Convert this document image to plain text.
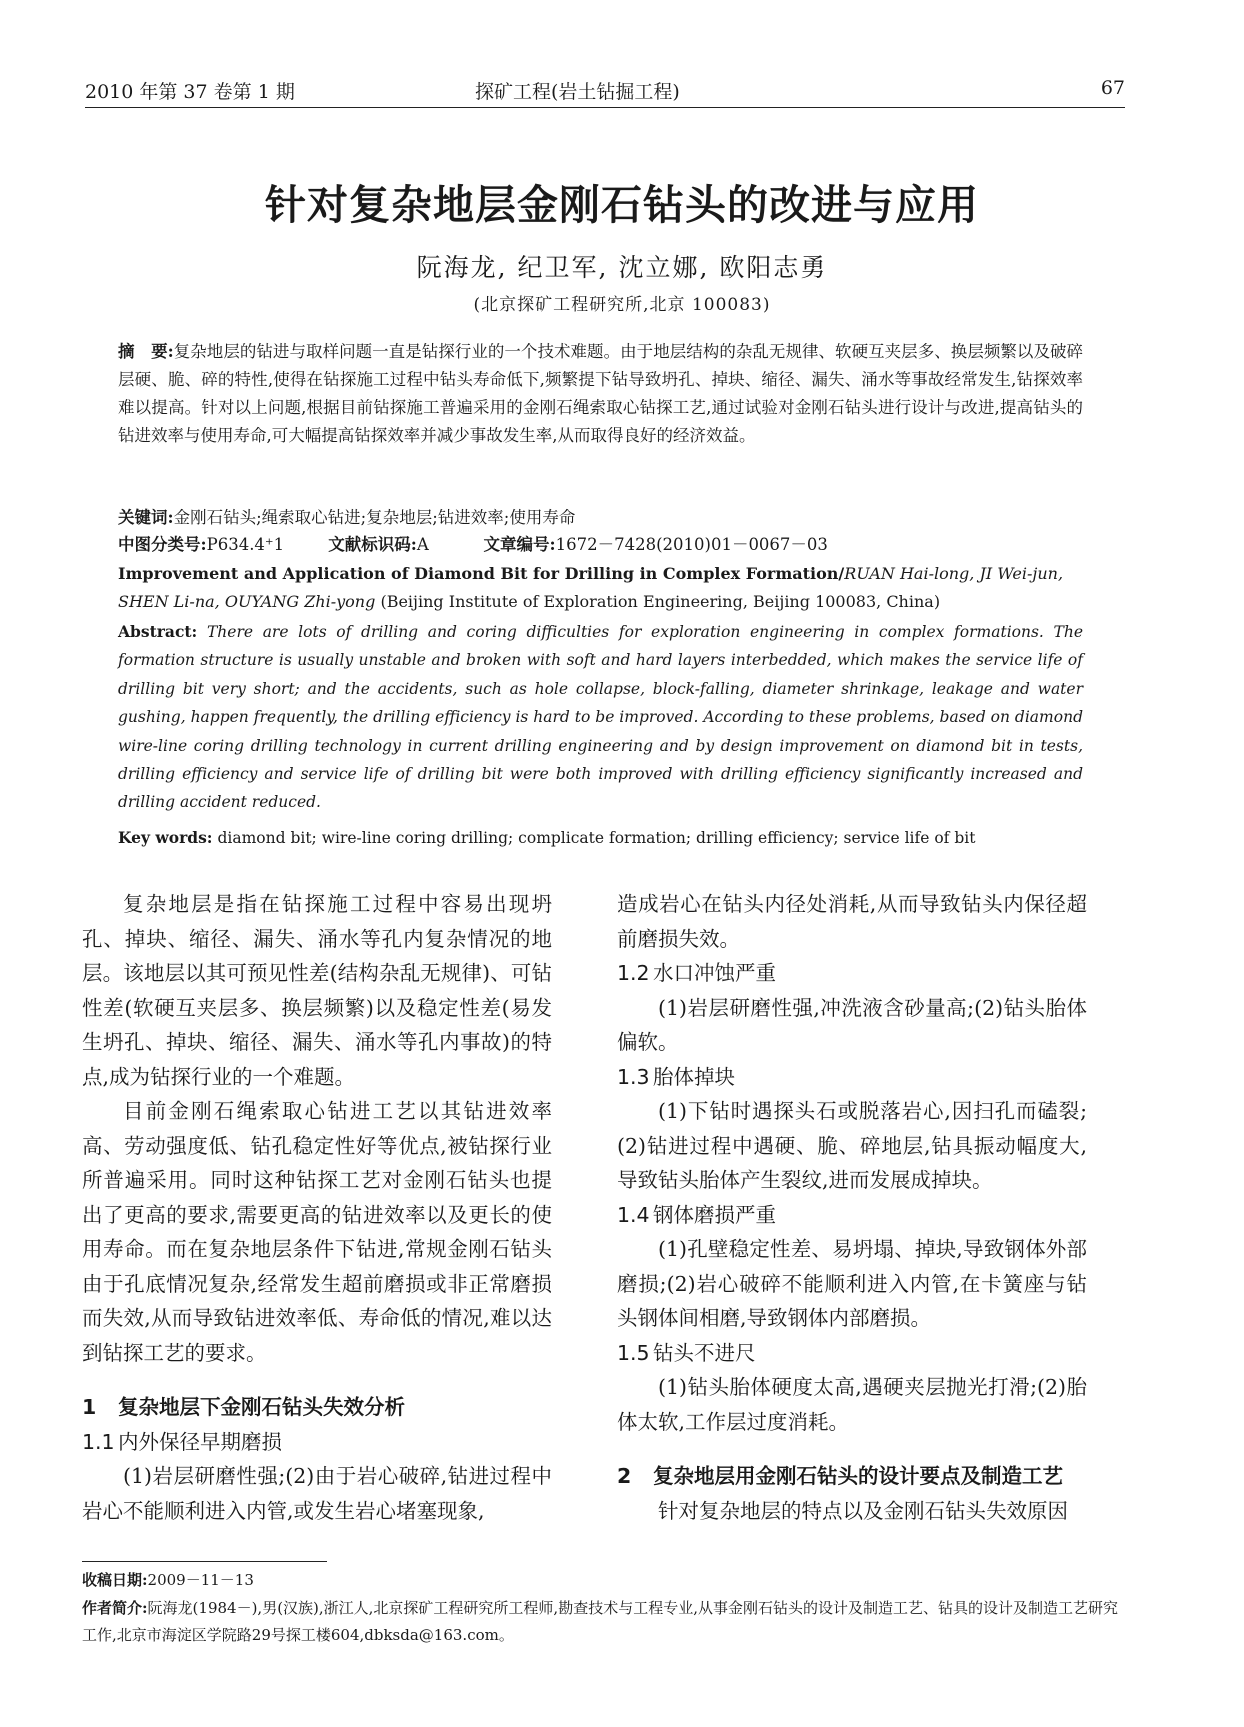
2010 年第 37 卷第 1 期	探矿工程(岩土钻掘工程)	67
针对复杂地层金刚石钻头的改进与应用
阮海龙, 纪卫军, 沈立娜, 欧阳志勇
(北京探矿工程研究所,北京 100083)
摘　要:复杂地层的钻进与取样问题一直是钻探行业的一个技术难题。由于地层结构的杂乱无规律、软硬互夹层多、换层频繁以及破碎层硬、脆、碎的特性,使得在钻探施工过程中钻头寿命低下,频繁提下钻导致坍孔、掉块、缩径、漏失、涌水等事故经常发生,钻探效率难以提高。针对以上问题,根据目前钻探施工普遍采用的金刚石绳索取心钻探工艺,通过试验对金刚石钻头进行设计与改进,提高钻头的钻进效率与使用寿命,可大幅提高钻探效率并减少事故发生率,从而取得良好的经济效益。
关键词:金刚石钻头;绳索取心钻进;复杂地层;钻进效率;使用寿命
中图分类号:P634.4⁺1	文献标识码:A	文章编号:1672－7428(2010)01－0067－03
Improvement and Application of Diamond Bit for Drilling in Complex Formation/RUAN Hai-long, JI Wei-jun,
SHEN Li-na, OUYANG Zhi-yong (Beijing Institute of Exploration Engineering, Beijing 100083, China)
Abstract: There are lots of drilling and coring difficulties for exploration engineering in complex formations. The formation structure is usually unstable and broken with soft and hard layers interbedded, which makes the service life of drilling bit very short; and the accidents, such as hole collapse, block-falling, diameter shrinkage, leakage and water gushing, happen frequently, the drilling efficiency is hard to be improved. According to these problems, based on diamond wire-line coring drilling technology in current drilling engineering and by design improvement on diamond bit in tests, drilling efficiency and service life of drilling bit were both improved with drilling efficiency significantly increased and drilling accident reduced.
Key words: diamond bit; wire-line coring drilling; complicate formation; drilling efficiency; service life of bit

复杂地层是指在钻探施工过程中容易出现坍孔、掉块、缩径、漏失、涌水等孔内复杂情况的地层。该地层以其可预见性差(结构杂乱无规律)、可钻性差(软硬互夹层多、换层频繁)以及稳定性差(易发生坍孔、掉块、缩径、漏失、涌水等孔内事故)的特点,成为钻探行业的一个难题。

目前金刚石绳索取心钻进工艺以其钻进效率高、劳动强度低、钻孔稳定性好等优点,被钻探行业所普遍采用。同时这种钻探工艺对金刚石钻头也提出了更高的要求,需要更高的钻进效率以及更长的使用寿命。而在复杂地层条件下钻进,常规金刚石钻头由于孔底情况复杂,经常发生超前磨损或非正常磨损而失效,从而导致钻进效率低、寿命低的情况,难以达到钻探工艺的要求。

1 复杂地层下金刚石钻头失效分析

1.1 内外保径早期磨损

(1)岩层研磨性强;(2)由于岩心破碎,钻进过程中岩心不能顺利进入内管,或发生岩心堵塞现象,

造成岩心在钻头内径处消耗,从而导致钻头内保径超前磨损失效。

1.2 水口冲蚀严重

(1)岩层研磨性强,冲洗液含砂量高;(2)钻头胎体偏软。

1.3 胎体掉块

(1)下钻时遇探头石或脱落岩心,因扫孔而磕裂;(2)钻进过程中遇硬、脆、碎地层,钻具振动幅度大,导致钻头胎体产生裂纹,进而发展成掉块。

1.4 钢体磨损严重

(1)孔壁稳定性差、易坍塌、掉块,导致钢体外部磨损;(2)岩心破碎不能顺利进入内管,在卡簧座与钻头钢体间相磨,导致钢体内部磨损。

1.5 钻头不进尺

(1)钻头胎体硬度太高,遇硬夹层抛光打滑;(2)胎体太软,工作层过度消耗。

2 复杂地层用金刚石钻头的设计要点及制造工艺

针对复杂地层的特点以及金刚石钻头失效原因

收稿日期:2009－11－13
作者简介:阮海龙(1984－),男(汉族),浙江人,北京探矿工程研究所工程师,勘查技术与工程专业,从事金刚石钻头的设计及制造工艺、钻具的设计及制造工艺研究工作,北京市海淀区学院路29号探工楼604,dbksda@163.com。
